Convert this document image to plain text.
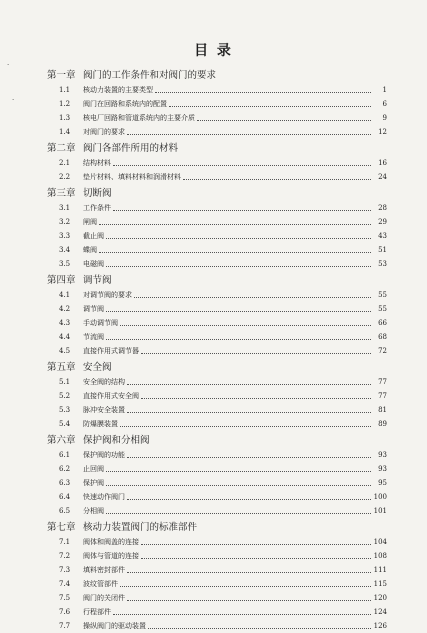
·
·
目 录
第一章 阀门的工作条件和对阀门的要求
1.1	核动力装置的主要类型	1
1.2	阀门在回路和系统内的配置	6
1.3	核电厂回路和管道系统内的主要介质	9
1.4	对阀门的要求	12
第二章 阀门各部件所用的材料
2.1	结构材料	16
2.2	垫片材料、填料材料和润滑材料	24
第三章 切断阀
3.1	工作条件	28
3.2	闸阀	29
3.3	截止阀	43
3.4	蝶阀	51
3.5	电磁阀	53
第四章 调节阀
4.1	对调节阀的要求	55
4.2	调节阀	55
4.3	手动调节阀	66
4.4	节流阀	68
4.5	直接作用式调节器	72
第五章 安全阀
5.1	安全阀的结构	77
5.2	直接作用式安全阀	77
5.3	脉冲安全装置	81
5.4	防爆膜装置	89
第六章 保护阀和分相阀
6.1	保护阀的功能	93
6.2	止回阀	93
6.3	保护阀	95
6.4	快速动作阀门	100
6.5	分相阀	101
第七章 核动力装置阀门的标准部件
7.1	阀体和阀盖的连接	104
7.2	阀体与管道的连接	108
7.3	填料密封部件	111
7.4	波纹管部件	115
7.5	阀门的关闭件	120
7.6	行程部件	124
7.7	操纵阀门的驱动装置	126
